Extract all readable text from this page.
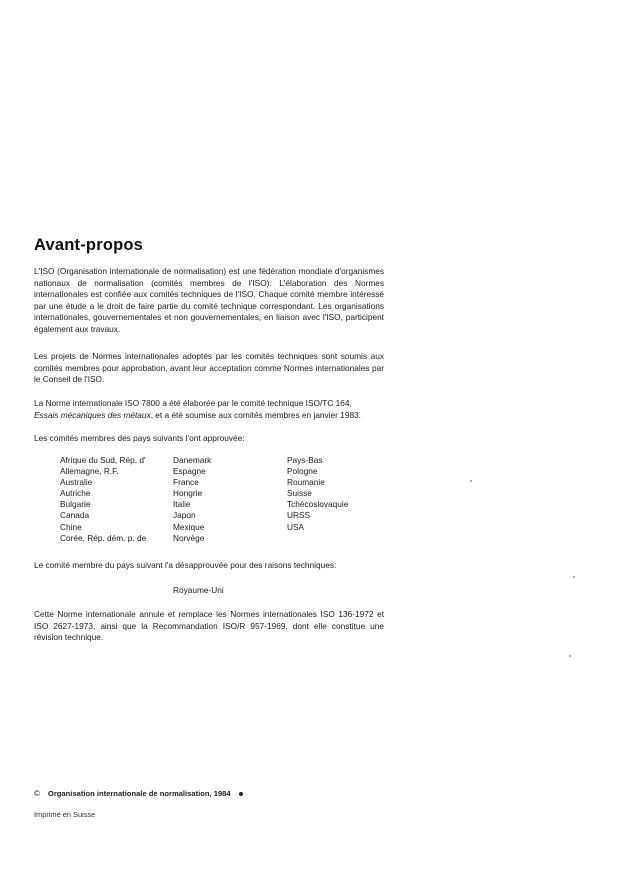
Avant-propos

L'ISO (Organisation internationale de normalisation) est une fédération mondiale d'organismes nationaux de normalisation (comités membres de l'ISO). L'élaboration des Normes internationales est confiée aux comités techniques de l'ISO. Chaque comité membre intéressé par une étude a le droit de faire partie du comité technique correspondant. Les organisations internationales, gouvernementales et non gouvernementales, en liaison avec l'ISO, participent également aux travaux.

Les projets de Normes internationales adoptés par les comités techniques sont soumis aux comités membres pour approbation, avant leur acceptation comme Normes internationales par le Conseil de l'ISO.

La Norme internationale ISO 7800 a été élaborée par le comité technique ISO/TC 164,
Essais mécaniques des métaux, et a été soumise aux comités membres en janvier 1983.

Les comités membres des pays suivants l'ont approuvée:

Afrique du Sud, Rép. d'
Allemagne, R.F.
Australie
Autriche
Bulgarie
Canada
Chine
Corée, Rép. dém. p. de
Danemark
Espagne
France
Hongrie
Italie
Japon
Mexique
Norvège
Pays-Bas
Pologne
Roumanie
Suisse
Tchécoslovaquie
URSS
USA

Le comité membre du pays suivant l'a désapprouvée pour des raisons techniques:

Royaume-Uni

Cette Norme internationale annule et remplace les Normes internationales ISO 136-1972 et ISO 2627-1973, ainsi que la Recommandation ISO/R 957-1969, dont elle constitue une révision technique.

© Organisation internationale de normalisation, 1984
Imprimé en Suisse
